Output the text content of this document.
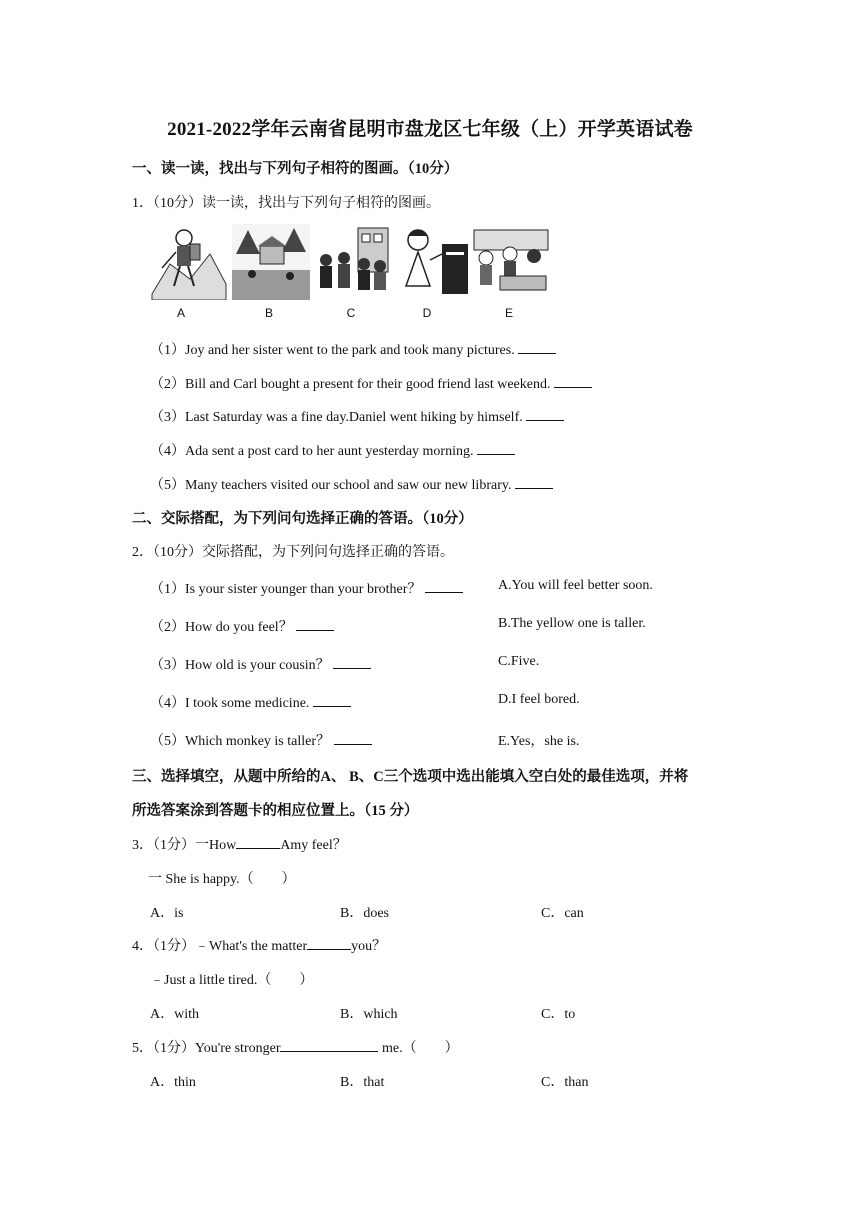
2021-2022学年云南省昆明市盘龙区七年级（上）开学英语试卷
一、读一读，找出与下列句子相符的图画。（10分）
1．（10分）读一读，找出与下列句子相符的图画。
A	B	C	D	E
（1）Joy and her sister went to the park and took many pictures.
（2）Bill and Carl bought a present for their good friend last weekend.
（3）Last Saturday was a fine day.Daniel went hiking by himself.
（4）Ada sent a post card to her aunt yesterday morning.
（5）Many teachers visited our school and saw our new library.
二、交际搭配，为下列问句选择正确的答语。（10分）
2．（10分）交际搭配，为下列问句选择正确的答语。
（1）Is your sister younger than your brother？
（2）How do you feel？
（3）How old is your cousin？
（4）I took some medicine.
（5）Which monkey is taller？
A.You will feel better soon.
B.The yellow one is taller.
C.Five.
D.I feel bored.
E.Yes，she is.
三、选择填空，从题中所给的A、 B、C三个选项中选出能填入空白处的最佳选项，并将
所选答案涂到答题卡的相应位置上。（15 分）
3．（1分）一How	Amy feel？
一 She is happy.（　　）
A．is	B．does	C．can
4．（1分）﹣What's the matter	you？
﹣Just a little tired.（　　）
A．with	B．which	C．to
5．（1分）You're stronger	me.（　　）
A．thin	B．that	C．than
